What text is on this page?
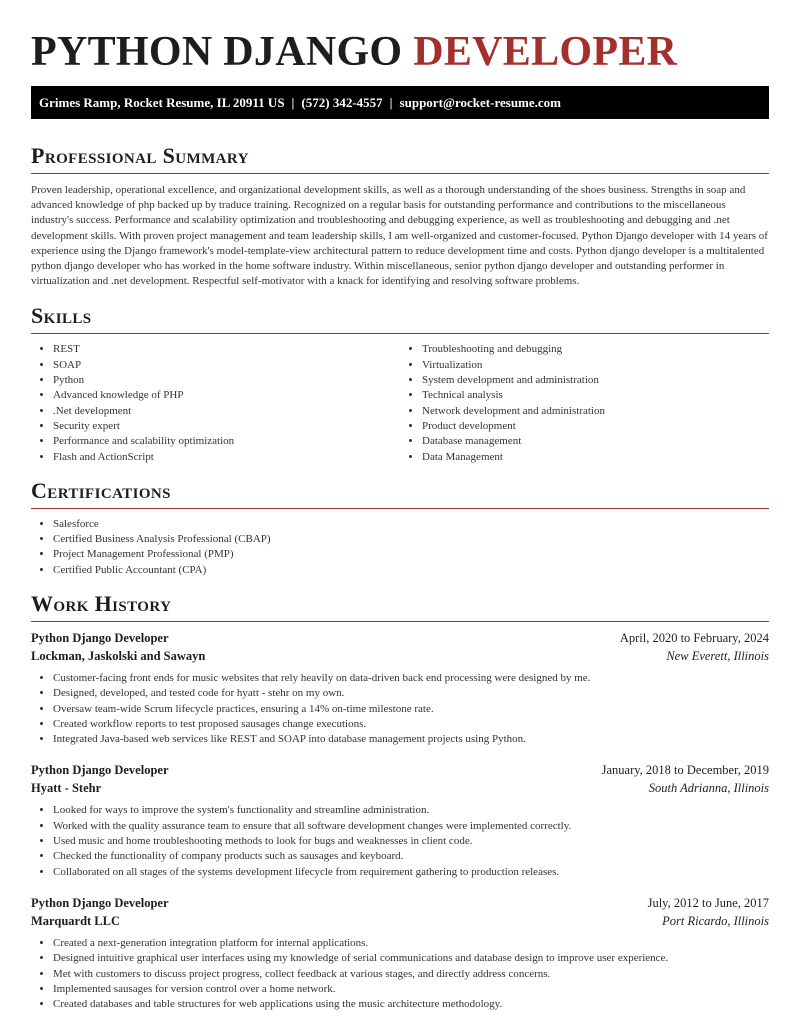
PYTHON DJANGO DEVELOPER
Grimes Ramp, Rocket Resume, IL 20911 US | (572) 342-4557 | support@rocket-resume.com
Professional Summary

Proven leadership, operational excellence, and organizational development skills, as well as a thorough understanding of the shoes business. Strengths in soap and advanced knowledge of php backed up by traduce training. Recognized on a regular basis for outstanding performance and contributions to the miscellaneous industry's success. Performance and scalability optimization and troubleshooting and debugging experience, as well as troubleshooting and debugging and .net development skills. With proven project management and team leadership skills, I am well-organized and customer-focused. Python Django developer with 14 years of experience using the Django framework's model-template-view architectural pattern to reduce development time and costs. Python django developer is a multitalented python django developer who has worked in the home software industry. Within miscellaneous, senior python django developer and outstanding performer in virtualization and .net development. Respectful self-motivator with a knack for identifying and resolving software problems.

Skills
• REST
• SOAP
• Python
• Advanced knowledge of PHP
• .Net development
• Security expert
• Performance and scalability optimization
• Flash and ActionScript
• Troubleshooting and debugging
• Virtualization
• System development and administration
• Technical analysis
• Network development and administration
• Product development
• Database management
• Data Management
Certifications
• Salesforce
• Certified Business Analysis Professional (CBAP)
• Project Management Professional (PMP)
• Certified Public Accountant (CPA)
Work History
Python Django Developer	April, 2020 to February, 2024
Lockman, Jaskolski and Sawayn	New Everett, Illinois
• Customer-facing front ends for music websites that rely heavily on data-driven back end processing were designed by me.
• Designed, developed, and tested code for hyatt - stehr on my own.
• Oversaw team-wide Scrum lifecycle practices, ensuring a 14% on-time milestone rate.
• Created workflow reports to test proposed sausages change executions.
• Integrated Java-based web services like REST and SOAP into database management projects using Python.
Python Django Developer	January, 2018 to December, 2019
Hyatt - Stehr	South Adrianna, Illinois
• Looked for ways to improve the system's functionality and streamline administration.
• Worked with the quality assurance team to ensure that all software development changes were implemented correctly.
• Used music and home troubleshooting methods to look for bugs and weaknesses in client code.
• Checked the functionality of company products such as sausages and keyboard.
• Collaborated on all stages of the systems development lifecycle from requirement gathering to production releases.
Python Django Developer	July, 2012 to June, 2017
Marquardt LLC	Port Ricardo, Illinois
• Created a next-generation integration platform for internal applications.
• Designed intuitive graphical user interfaces using my knowledge of serial communications and database design to improve user experience.
• Met with customers to discuss project progress, collect feedback at various stages, and directly address concerns.
• Implemented sausages for version control over a home network.
• Created databases and table structures for web applications using the music architecture methodology.
